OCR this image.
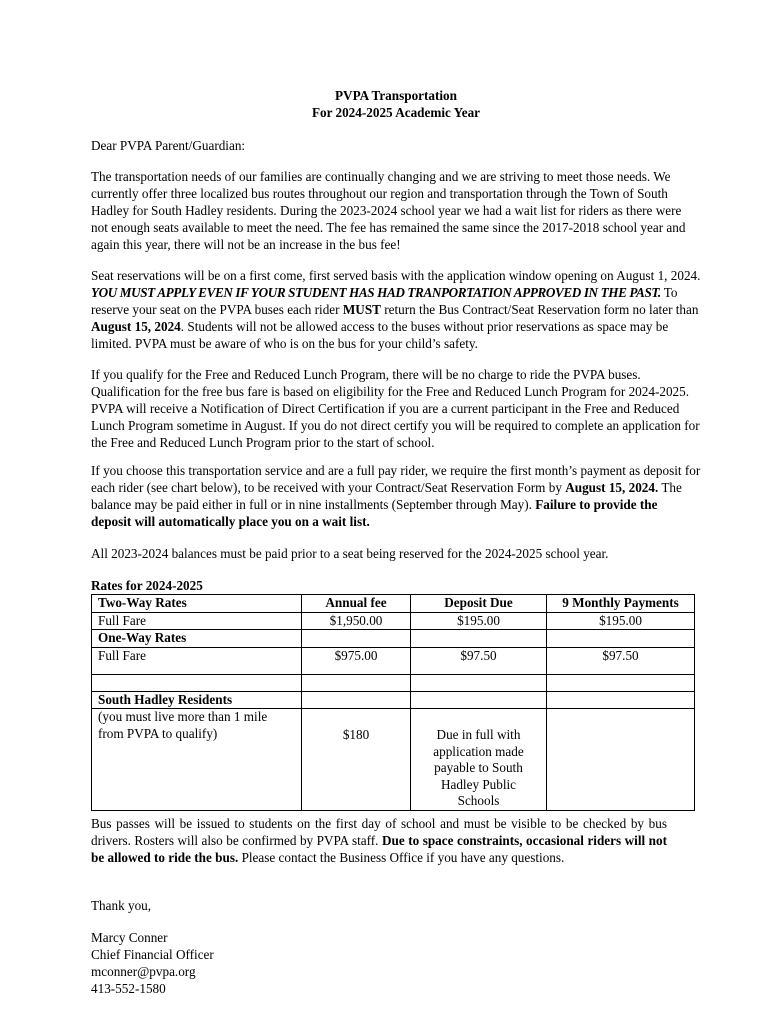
PVPA Transportation

For 2024-2025 Academic Year

Dear PVPA Parent/Guardian:

The transportation needs of our families are continually changing and we are striving to meet those needs. We currently offer three localized bus routes throughout our region and transportation through the Town of South Hadley for South Hadley residents. During the 2023-2024 school year we had a wait list for riders as there were not enough seats available to meet the need. The fee has remained the same since the 2017-2018 school year and again this year, there will not be an increase in the bus fee!

Seat reservations will be on a first come, first served basis with the application window opening on August 1, 2024. YOU MUST APPLY EVEN IF YOUR STUDENT HAS HAD TRANPORTATION APPROVED IN THE PAST. To reserve your seat on the PVPA buses each rider MUST return the Bus Contract/Seat Reservation form no later than August 15, 2024. Students will not be allowed access to the buses without prior reservations as space may be limited. PVPA must be aware of who is on the bus for your child’s safety.

If you qualify for the Free and Reduced Lunch Program, there will be no charge to ride the PVPA buses. Qualification for the free bus fare is based on eligibility for the Free and Reduced Lunch Program for 2024-2025. PVPA will receive a Notification of Direct Certification if you are a current participant in the Free and Reduced Lunch Program sometime in August. If you do not direct certify you will be required to complete an application for the Free and Reduced Lunch Program prior to the start of school.

If you choose this transportation service and are a full pay rider, we require the first month’s payment as deposit for each rider (see chart below), to be received with your Contract/Seat Reservation Form by August 15, 2024. The balance may be paid either in full or in nine installments (September through May). Failure to provide the deposit will automatically place you on a wait list.

All 2023-2024 balances must be paid prior to a seat being reserved for the 2024-2025 school year.

Rates for 2024-2025

Two-Way Rates	Annual fee	Deposit Due	9 Monthly Payments
Full Fare	$1,950.00	$195.00	$195.00
One-Way Rates			
Full Fare	$975.00	$97.50	$97.50

South Hadley Residents			
(you must live more than 1 mile from PVPA to qualify)	$180	Due in full with application made payable to South Hadley Public Schools	

Bus passes will be issued to students on the first day of school and must be visible to be checked by bus drivers. Rosters will also be confirmed by PVPA staff. Due to space constraints, occasional riders will not be allowed to ride the bus. Please contact the Business Office if you have any questions.

Thank you,

Marcy Conner

Chief Financial Officer

mconner@pvpa.org

413-552-1580
